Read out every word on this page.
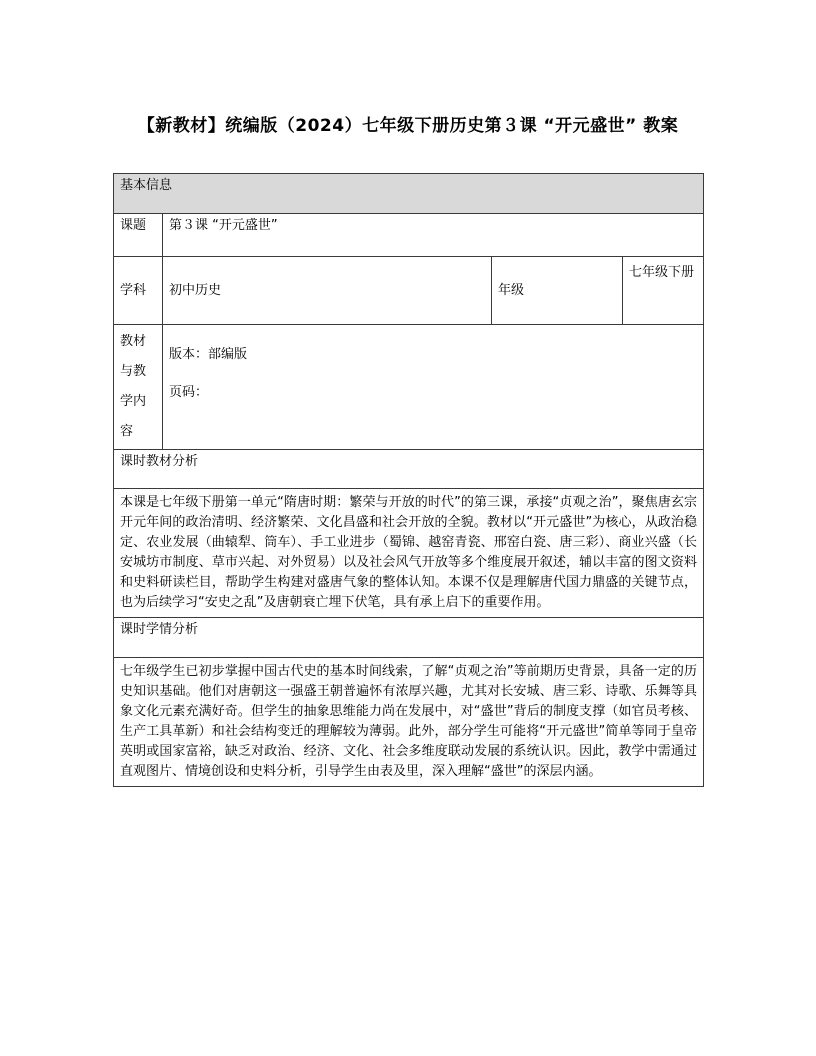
【新教材】统编版（2024）七年级下册历史第３课 “开元盛世” 教案
基本信息			
课题	第３课 “开元盛世”		
学科	初中历史	年级	七年级下册
教材与教学内容	版本：部编版
页码：		

课时教材分析			
本课是七年级下册第一单元“隋唐时期：繁荣与开放的时代”的第三课，承接“贞观之治”，聚焦唐玄宗开元年间的政治清明、经济繁荣、文化昌盛和社会开放的全貌。教材以“开元盛世”为核心，从政治稳定、农业发展（曲辕犁、筒车）、手工业进步（蜀锦、越窑青瓷、邢窑白瓷、唐三彩）、商业兴盛（长安城坊市制度、草市兴起、对外贸易）以及社会风气开放等多个维度展开叙述，辅以丰富的图文资料和史料研读栏目，帮助学生构建对盛唐气象的整体认知。本课不仅是理解唐代国力鼎盛的关键节点，也为后续学习“安史之乱”及唐朝衰亡埋下伏笔，具有承上启下的重要作用。			
课时学情分析			
七年级学生已初步掌握中国古代史的基本时间线索，了解“贞观之治”等前期历史背景，具备一定的历史知识基础。他们对唐朝这一强盛王朝普遍怀有浓厚兴趣，尤其对长安城、唐三彩、诗歌、乐舞等具象文化元素充满好奇。但学生的抽象思维能力尚在发展中，对“盛世”背后的制度支撑（如官员考核、生产工具革新）和社会结构变迁的理解较为薄弱。此外，部分学生可能将“开元盛世”简单等同于皇帝英明或国家富裕，缺乏对政治、经济、文化、社会多维度联动发展的系统认识。因此，教学中需通过直观图片、情境创设和史料分析，引导学生由表及里，深入理解“盛世”的深层内涵。			
